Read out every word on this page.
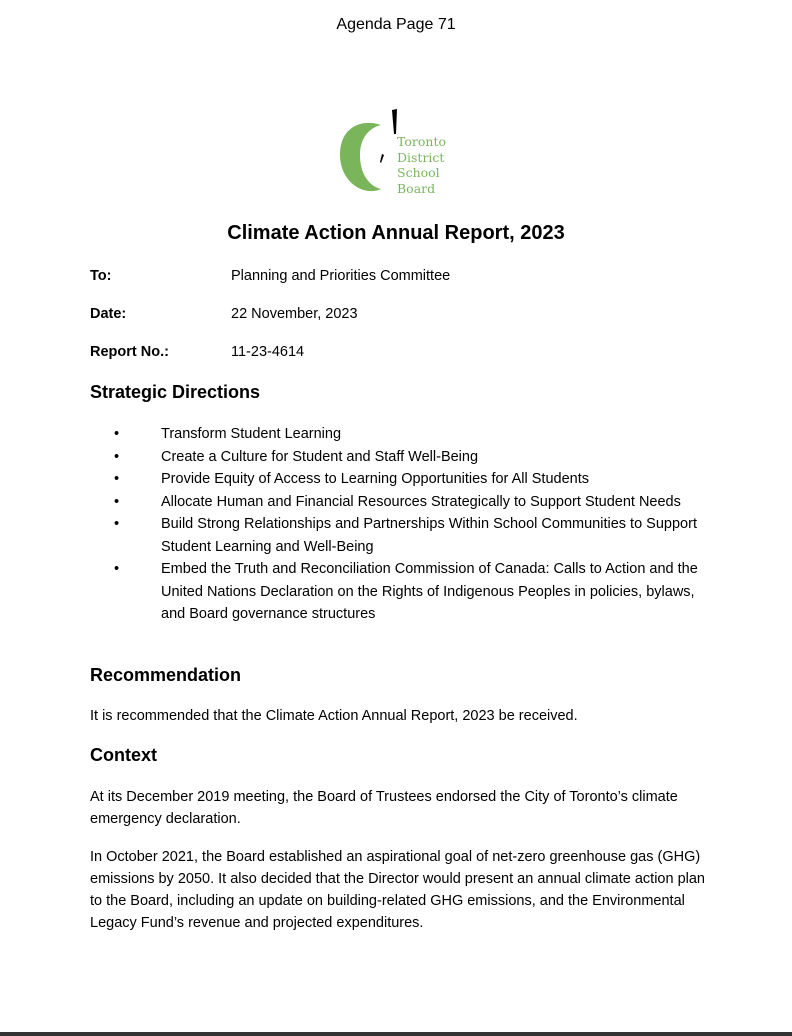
Agenda Page 71
Toronto
District
School
Board
Climate Action Annual Report, 2023
To:	Planning and Priorities Committee
Date:	22 November, 2023
Report No.:	11-23-4614
Strategic Directions
•	Transform Student Learning
•	Create a Culture for Student and Staff Well-Being
•	Provide Equity of Access to Learning Opportunities for All Students
•	Allocate Human and Financial Resources Strategically to Support Student Needs
•	Build Strong Relationships and Partnerships Within School Communities to Support Student Learning and Well-Being
•	Embed the Truth and Reconciliation Commission of Canada: Calls to Action and the United Nations Declaration on the Rights of Indigenous Peoples in policies, bylaws, and Board governance structures
Recommendation

It is recommended that the Climate Action Annual Report, 2023 be received.

Context

At its December 2019 meeting, the Board of Trustees endorsed the City of Toronto’s climate emergency declaration.

In October 2021, the Board established an aspirational goal of net-zero greenhouse gas (GHG) emissions by 2050. It also decided that the Director would present an annual climate action plan to the Board, including an update on building-related GHG emissions, and the Environmental Legacy Fund’s revenue and projected expenditures.
